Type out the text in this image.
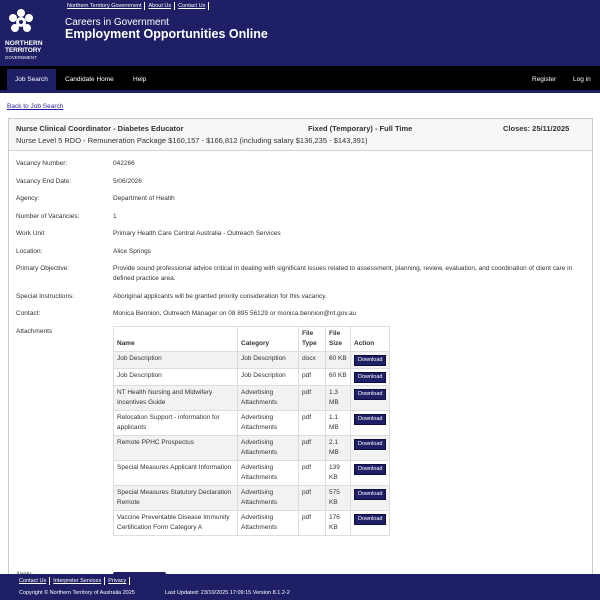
NORTHERN
TERRITORY
GOVERNMENT
Northern Territory Government	About Us	Contact Us
Careers in Government
Employment Opportunities Online
Job Search	Candidate Home	Help	Register	Log in
Back to Job Search
Nurse Clinical Coordinator - Diabetes Educator	Fixed (Temporary) - Full Time	Closes: 25/11/2025
Nurse Level 5 RDO - Remuneration Package $160,157 - $166,812 (including salary $136,235 - $143,391)
Vacancy Number:	042266
Vacancy End Date:	5/06/2026
Agency:	Department of Health
Number of Vacancies:	1
Work Unit	Primary Health Care Central Australia - Outreach Services
Location:	Alice Springs
Primary Objective:	Provide sound professional advice critical in dealing with significant issues related to assessment, planning, review, evaluation, and coordination of client care in defined practice area.
Special Instructions:	Aboriginal applicants will be granted priority consideration for this vacancy.
Contact:	Monica Bennion, Outreach Manager on 08 895 56129 or monica.bennion@nt.gov.au
Attachments
Name	Category	File Type	File Size	Action
Job Description	Job Description	docx	60 KB	Download
Job Description	Job Description	pdf	60 KB	Download
NT Health Nursing and Midwifery Incentives Guide	Advertising Attachments	pdf	1.3 MB	Download
Relocation Support - information for applicants	Advertising Attachments	pdf	1.1 MB	Download
Remote PPHC Prospectus	Advertising Attachments	pdf	2.1 MB	Download
Special Measures Applicant Information	Advertising Attachments	pdf	139 KB	Download
Special Measures Statutory Declaration Remote	Advertising Attachments	pdf	575 KB	Download
Vaccine Preventable Disease Immunity Certification Form Category A	Advertising Attachments	pdf	176 KB	Download
Contact Us	Interpreter Services	Privacy
Copyright © Northern Territory of Australia 2025	Last Updated: 23/10/2025 17:09:15 Version 8.1.2-2
